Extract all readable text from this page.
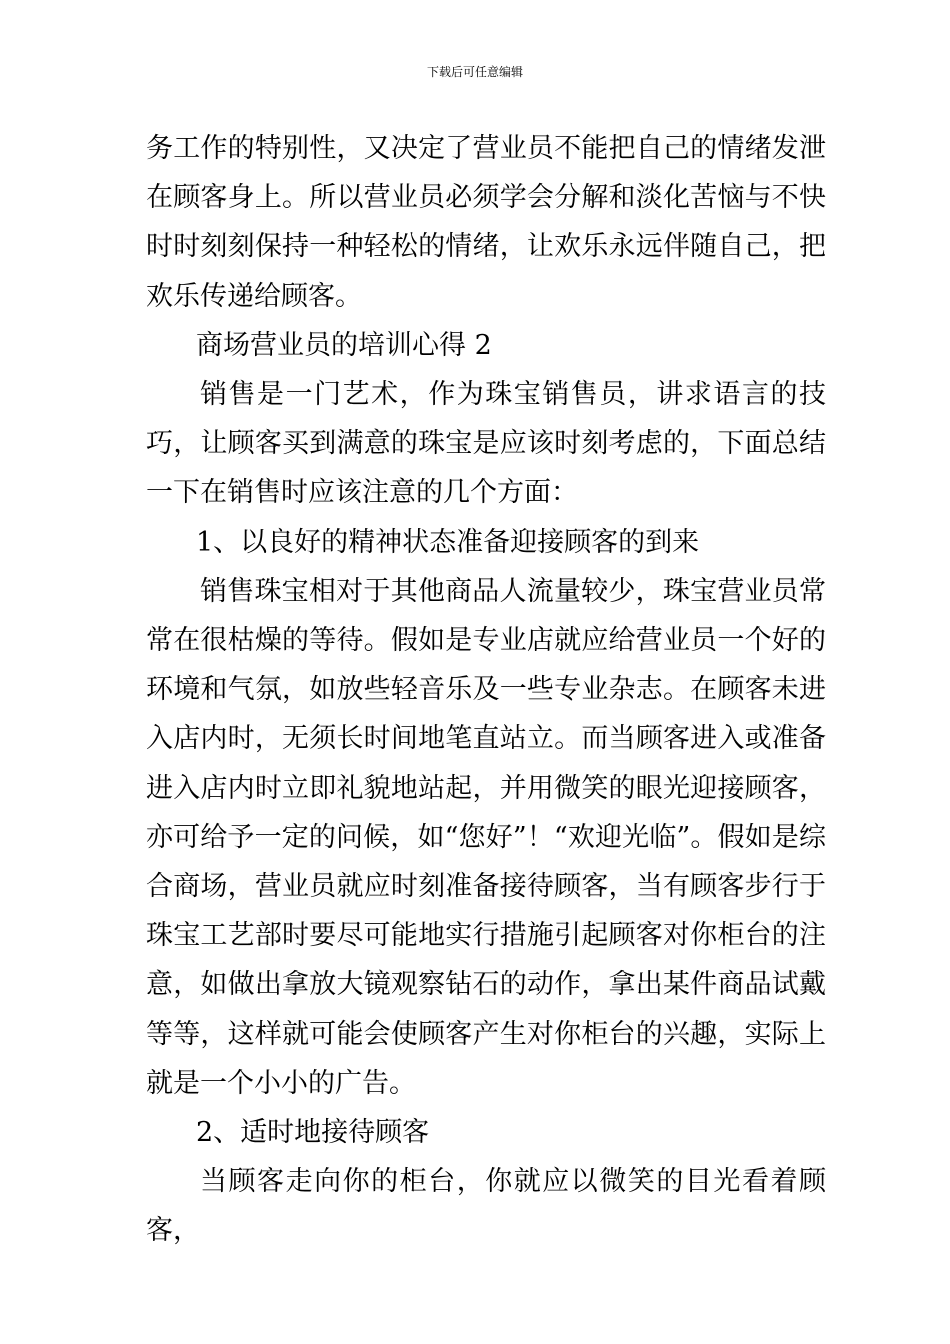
下载后可任意编辑

务工作的特别性，又决定了营业员不能把自己的情绪发泄在顾客身上。所以营业员必须学会分解和淡化苦恼与不快时时刻刻保持一种轻松的情绪，让欢乐永远伴随自己，把欢乐传递给顾客。

商场营业员的培训心得 2

销售是一门艺术，作为珠宝销售员，讲求语言的技巧，让顾客买到满意的珠宝是应该时刻考虑的，下面总结一下在销售时应该注意的几个方面：

1、以良好的精神状态准备迎接顾客的到来

销售珠宝相对于其他商品人流量较少，珠宝营业员常常在很枯燥的等待。假如是专业店就应给营业员一个好的环境和气氛，如放些轻音乐及一些专业杂志。在顾客未进入店内时，无须长时间地笔直站立。而当顾客进入或准备进入店内时立即礼貌地站起，并用微笑的眼光迎接顾客，亦可给予一定的问候，如“您好”！“欢迎光临”。假如是综合商场，营业员就应时刻准备接待顾客，当有顾客步行于珠宝工艺部时要尽可能地实行措施引起顾客对你柜台的注意，如做出拿放大镜观察钻石的动作，拿出某件商品试戴等等，这样就可能会使顾客产生对你柜台的兴趣，实际上就是一个小小的广告。

2、适时地接待顾客

当顾客走向你的柜台，你就应以微笑的目光看着顾客，
